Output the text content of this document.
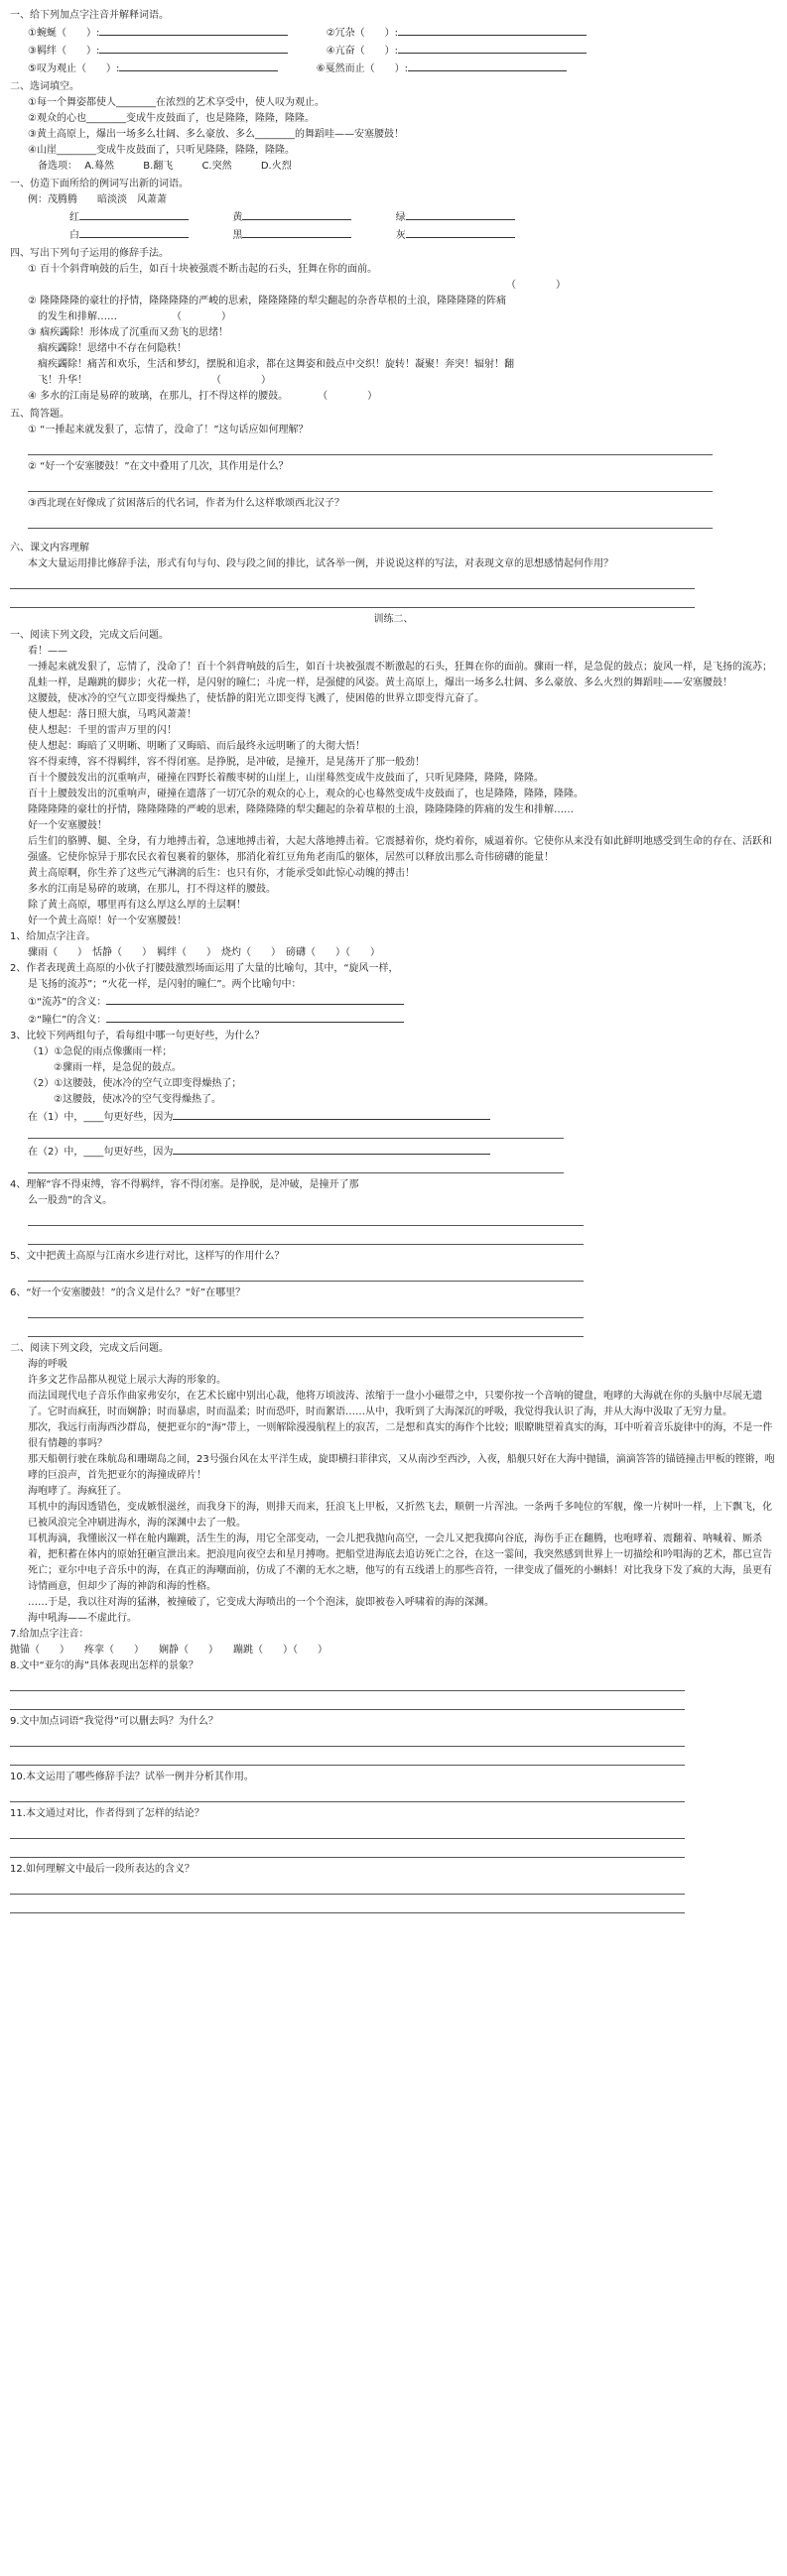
一、给下列加点字注音并解释词语。
①蜿蜒（　　）:	②冗杂（　　）:
③羁绊（　　）:	④亢奋（　　）:
⑤叹为观止（　　）:	⑥戛然而止（　　）:
二、选词填空。
①每一个舞姿都使人________在浓烈的艺术享受中，使人叹为观止。
②观众的心也________变成牛皮鼓面了，也是隆隆，隆隆，隆隆。
③黄土高原上，爆出一场多么壮阔、多么豪放、多么________的舞蹈哇——安塞腰鼓！
④山崖________变成牛皮鼓面了，只听见隆隆，隆隆，隆隆。
备选项： A.蓦然	B.翻飞	C.突然	D.火烈
一、仿造下面所给的例词写出新的词语。
例：茂腾腾　　暗淡淡　风萧萧
红	黄	绿
白	黑	灰
四、写出下列句子运用的修辞手法。
① 百十个斜背响鼓的后生，如百十块被强震不断击起的石头，狂舞在你的面前。
（　　　　）
② 隆隆隆隆的豪壮的抒情，隆隆隆隆的严峻的思索，隆隆隆隆的犁尖翻起的杂沓草根的土浪，隆隆隆隆的阵痛
的发生和排解……　　　　　　（　　　　）
③ 痼疾蠲除！形体成了沉重而又劲飞的思绪！
痼疾蠲除！思绪中不存在何隐秩！
痼疾蠲除！痛苦和欢乐，生活和梦幻，摆脱和追求，都在这舞姿和鼓点中交织！旋转！凝聚！奔突！辐射！翻
飞！升华！　　　　　　　　　　　　　（　　　　）
④ 多水的江南是易碎的玻璃，在那儿，打不得这样的腰鼓。　　　　（　　　　）
五、简答题。
① “一捶起来就发狠了，忘情了，没命了！”这句话应如何理解？
② “好一个安塞腰鼓！”在文中叠用了几次，其作用是什么？
③西北现在好像成了贫困落后的代名词，作者为什么这样歌颂西北汉子？
六、课文内容理解
本文大量运用排比修辞手法，形式有句与句、段与段之间的排比，试各举一例，并说说这样的写法，对表现文章的思想感情起何作用？
训练二、
一、阅读下列文段，完成文后问题。
看！——
一捶起来就发狠了，忘情了，没命了！百十个斜背响鼓的后生，如百十块被强震不断激起的石头，狂舞在你的面前。骤雨一样，是急促的鼓点；旋风一样，是飞扬的流苏；乱蛙一样，是蹦跳的脚步；火花一样，是闪射的瞳仁；斗虎一样，是强健的风姿。黄土高原上，爆出一场多么壮阔、多么豪放、多么火烈的舞蹈哇——安塞腰鼓！
这腰鼓，使冰冷的空气立即变得燥热了，使恬静的阳光立即变得飞溅了，使困倦的世界立即变得亢奋了。
使人想起：落日照大旗，马鸣风萧萧！
使人想起：千里的雷声万里的闪！
使人想起：晦暗了又明晰、明晰了又晦暗、而后最终永远明晰了的大彻大悟！
容不得束缚，容不得羁绊，容不得闭塞。是挣脱，是冲破，是撞开，是晃荡开了那一般劲！
百十个腰鼓发出的沉重响声，碰撞在四野长着酸枣树的山崖上，山崖蓦然变成牛皮鼓面了，只听见隆隆，隆隆，隆隆。
百十上腰鼓发出的沉重响声，碰撞在遗落了一切冗杂的观众的心上，观众的心也蓦然变成牛皮鼓面了，也是隆隆，隆隆，隆隆。
隆隆隆隆的豪壮的抒情，隆隆隆隆的严峻的思索，隆隆隆隆的犁尖翻起的杂着草根的土浪，隆隆隆隆的阵痛的发生和排解……
好一个安塞腰鼓！
后生们的胳膊、腿、全身，有力地搏击着，急速地搏击着，大起大落地搏击着。它震撼着你，烧灼着你，威逼着你。它使你从来没有如此鲜明地感受到生命的存在、活跃和强盛。它使你惊异于那农民衣着包裹着的躯体，那消化着红豆角角老南瓜的躯体，居然可以释放出那么奇伟磅礴的能量！
黄土高原啊，你生养了这些元气淋漓的后生：也只有你，才能承受如此惊心动魄的搏击！
多水的江南是易碎的玻璃，在那儿，打不得这样的腰鼓。
除了黄土高原，哪里再有这么厚这么厚的土层啊！
好一个黄土高原！好一个安塞腰鼓！
1、给加点字注音。
骤雨（　　）　恬静（　　）　羁绊（　　）　烧灼（　　）　磅礴（　　）（　　）
2、作者表现黄土高原的小伙子打腰鼓激烈场面运用了大量的比喻句，其中，“旋风一样，
是飞扬的流苏”；“火花一样，是闪射的瞳仁”。两个比喻句中：
①“流苏”的含义：
②“瞳仁”的含义：
3、比较下列两组句子，看每组中哪一句更好些，为什么？
（1）①急促的雨点像骤雨一样；
②骤雨一样，是急促的鼓点。
（2）①这腰鼓，使冰冷的空气立即变得燥热了；
②这腰鼓，使冰冷的空气变得燥热了。
在（1）中，____句更好些，因为
在（2）中，____句更好些，因为
4、理解“容不得束缚，容不得羁绊，容不得闭塞。是挣脱，是冲破，是撞开了那
么一股劲”的含义。
5、文中把黄土高原与江南水乡进行对比，这样写的作用什么？
6、“好一个安塞腰鼓！”的含义是什么？“好”在哪里？
二、阅读下列文段，完成文后问题。
海的呼吸
许多文艺作品都从视觉上展示大海的形象的。
而法国现代电子音乐作曲家弗安尔，在艺术长廊中别出心裁，他将万顷波涛、浓缩于一盘小小磁带之中，只要你按一个音响的键盘，咆哮的大海就在你的头脑中尽展无遗了。它时而疯狂，时而娴静；时而暴虐，时而温柔；时而恐吓，时而絮语……从中，我听到了大海深沉的呼吸，我觉得我认识了海，并从大海中汲取了无穷力量。
那次，我远行南海西沙群岛，便把亚尔的“海”带上，一则解除漫漫航程上的寂苦，二是想和真实的海作个比较；眼瞭眺望着真实的海，耳中听着音乐旋律中的海，不是一件很有情趣的事吗？
那天船朝行驶在珠航岛和珊瑚岛之间，23号强台风在太平洋生成，旋即横扫菲律宾，又从南沙至西沙，入夜，船舰只好在大海中抛锚，滴滴答答的锚链撞击甲板的铿锵，咆哮的巨浪声，首先把亚尔的海撞成碎片！
海咆哮了。海疯狂了。
耳机中的海因透错色，变成嫉恨滋丝，而我身下的海，则排天而来，狂浪飞上甲板，又折然飞去，顺朝一片浑浊。一条两千多吨位的军舰，像一片树叶一样，上下飘飞，化已被风浪完全冲刷进海水，海的深渊中去了一般。
耳机海滴，我懂嵌汉一样在舱内蹦跳，活生生的海，用它全部变动，一会儿把我抛向高空，一会儿又把我掷向谷底，海伤手正在翻腾，也咆哮着、震翻着、呐喊着、厮杀着，把积蓄在体内的原始狂砸宣泄出来。把浪甩向夜空去和星月搏吻。把船堂进海底去追访死亡之谷，在这一霎间，我突然感到世界上一切描绘和吟唱海的艺术，都已宣告死亡；亚尔中电子音乐中的海，在真正的海嘲面前，仿成了不潮的无水之塘，他写的有五线谱上的那些音符，一律变成了僵死的小蝌蚪！对比我身下发了疯的大海，虽更有诗情画意，但却少了海的神韵和海的性格。
……于是，我以往对海的猛淋，被撞破了，它变成大海喷出的一个个泡沫，旋即被卷入呼啸着的海的深渊。
海中吼海——不虚此行。
7.给加点字注音：
抛锚（　　）　　疼挛（　　）　　娴静（　　）　　蹦跳（　　）（　　）
8.文中“亚尔的海”具体表现出怎样的景象？
9.文中加点词语“我觉得”可以删去吗？为什么？
10.本文运用了哪些修辞手法？试举一例并分析其作用。
11.本文通过对比，作者得到了怎样的结论？
12.如何理解文中最后一段所表达的含义？
